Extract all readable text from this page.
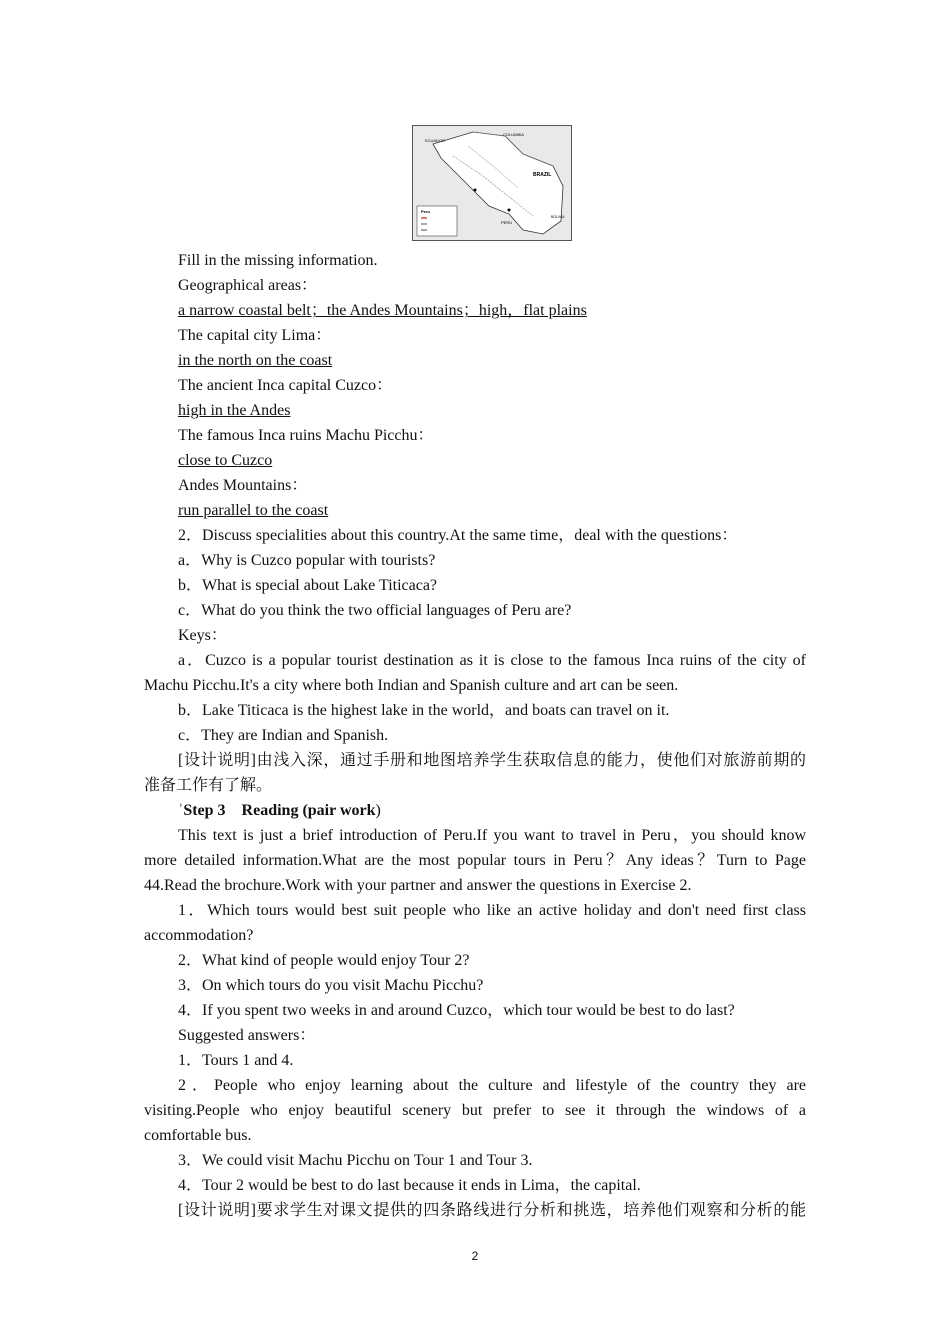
COLUMBIA
ECUADOR
BRAZIL
PERU
BOLIVIA
Peru
Fill in the missing information.
Geographical areas：
a narrow coastal belt；the Andes Mountains；high，flat plains
The capital city Lima：
in the north on the coast
The ancient Inca capital Cuzco：
high in the Andes
The famous Inca ruins Machu Picchu：
close to Cuzco
Andes Mountains：
run parallel to the coast
2．Discuss specialities about this country.At the same time，deal with the questions：
a．Why is Cuzco popular with tourists?
b．What is special about Lake Titicaca?
c．What do you think the two official languages of Peru are?
Keys：
a．Cuzco is a popular tourist destination as it is close to the famous Inca ruins of the city of
Machu Picchu.It's a city where both Indian and Spanish culture and art can be seen.
b．Lake Titicaca is the highest lake in the world，and boats can travel on it.
c．They are Indian and Spanish.
[设计说明]由浅入深，通过手册和地图培养学生获取信息的能力，使他们对旅游前期的
准备工作有了解。
ʾStep 3　Reading (pair work)
This text is just a brief introduction of Peru.If you want to travel in Peru，you should know
more detailed information.What are the most popular tours in Peru？Any ideas？Turn to Page
44.Read the brochure.Work with your partner and answer the questions in Exercise 2.
1．Which tours would best suit people who like an active holiday and don't need first class
accommodation?
2．What kind of people would enjoy Tour 2?
3．On which tours do you visit Machu Picchu?
4．If you spent two weeks in and around Cuzco，which tour would be best to do last?
Suggested answers：
1．Tours 1 and 4.
2．People who enjoy learning about the culture and lifestyle of the country they are
visiting.People who enjoy beautiful scenery but prefer to see it through the windows of a
comfortable bus.
3．We could visit Machu Picchu on Tour 1 and Tour 3.
4．Tour 2 would be best to do last because it ends in Lima，the capital.
[设计说明]要求学生对课文提供的四条路线进行分析和挑选，培养他们观察和分析的能
2
